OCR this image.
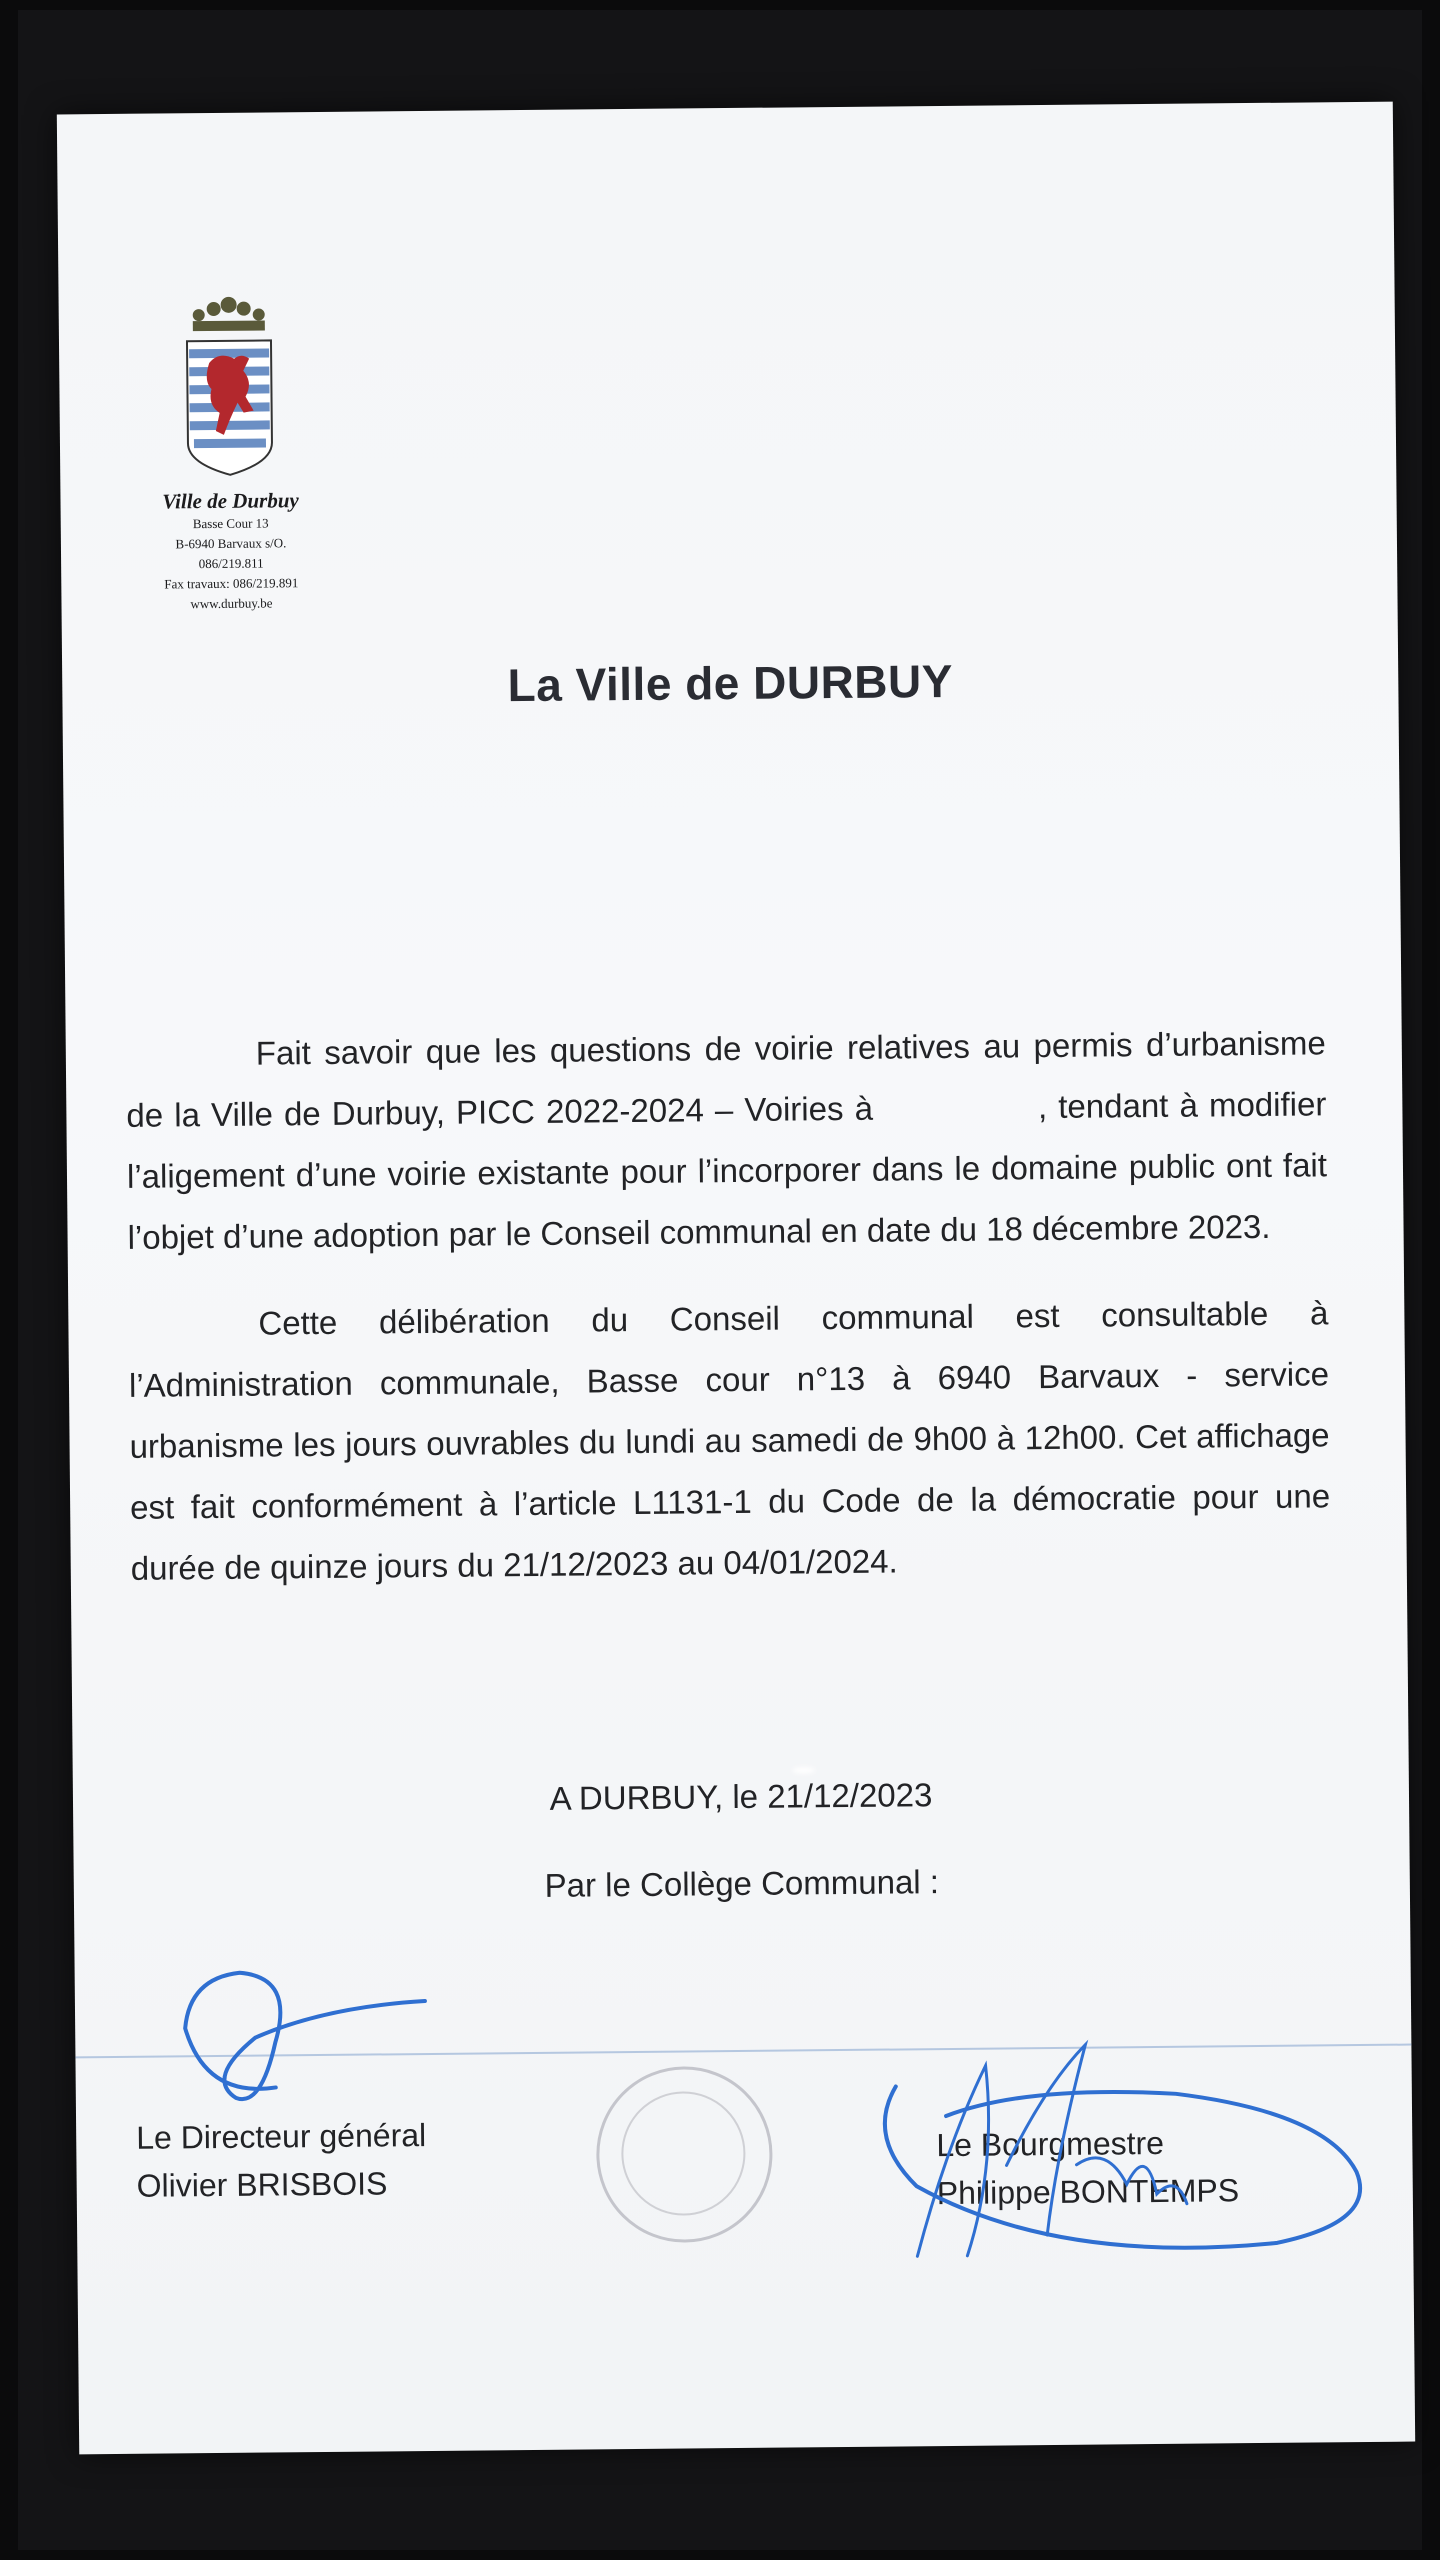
Ville de Durbuy
Basse Cour 13
B-6940 Barvaux s/O.
086/219.811
Fax travaux: 086/219.891
www.durbuy.be
La Ville de DURBUY

Fait savoir que les questions de voirie relatives au permis d’urbanisme de la Ville de Durbuy, PICC 2022-2024 – Voiries à	, tendant à modifier l’aligement d’une voirie existante pour l’incorporer dans le domaine public ont fait l’objet d’une adoption par le Conseil communal en date du 18 décembre 2023.

Cette délibération du Conseil communal est consultable à l’Administration communale, Basse cour n°13 à 6940 Barvaux - service urbanisme les jours ouvrables du lundi au samedi de 9h00 à 12h00. Cet affichage est fait conformément à l’article L1131-1 du Code de la démocratie pour une durée de quinze jours du 21/12/2023 au 04/01/2024.

A DURBUY, le 21/12/2023
Par le Collège Communal :
Le Directeur général
Olivier BRISBOIS
Le Bourgmestre
Philippe BONTEMPS
